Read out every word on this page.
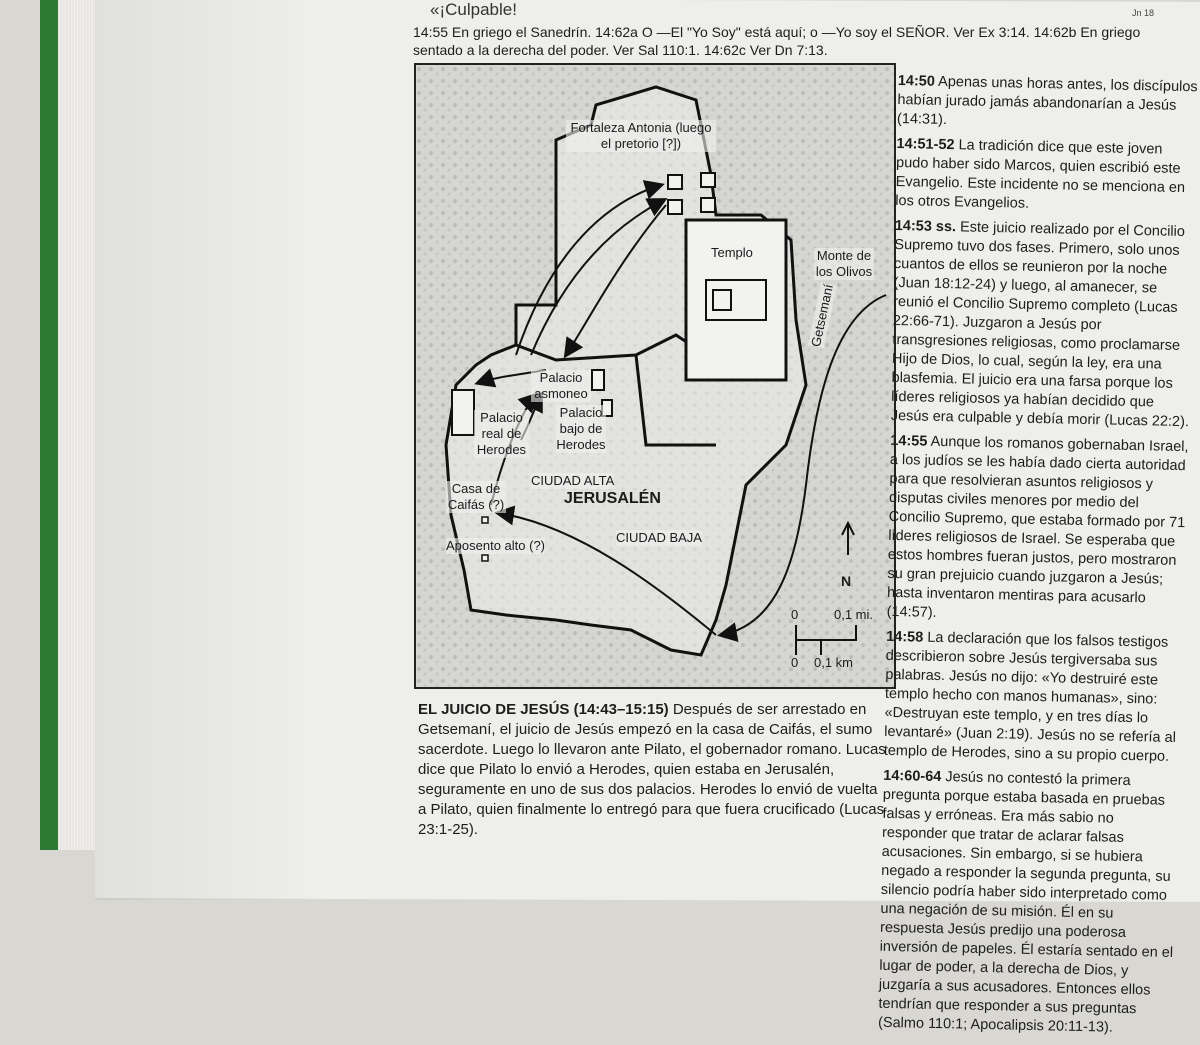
«¡Culpable!
14:55 En griego el Sanedrín. 14:62a O —El "Yo Soy" está aquí; o —Yo soy el SEÑOR. Ver Ex 3:14. 14:62b En griego
sentado a la derecha del poder. Ver Sal 110:1. 14:62c Ver Dn 7:13.
Jn 18
Fortaleza Antonia (luego el pretorio [?])
Templo	Monte de los Olivos
Getsemaní
Palacio asmoneo
Palacio bajo de Herodes
Palacio real de Herodes
CIUDAD ALTA
JERUSALÉN
CIUDAD BAJA
Casa de Caifás (?)
Aposento alto (?)
N
0	0,1 mi.
0 0,1 km
EL JUICIO DE JESÚS (14:43–15:15) Después de ser arrestado en Getsemaní, el juicio de Jesús empezó en la casa de Caifás, el sumo sacerdote. Luego lo llevaron ante Pilato, el gobernador romano. Lucas dice que Pilato lo envió a Herodes, quien estaba en Jerusalén, seguramente en uno de sus dos palacios. Herodes lo envió de vuelta a Pilato, quien finalmente lo entregó para que fuera crucificado (Lucas 23:1-25).
14:50 Apenas unas horas antes, los discípulos habían jurado jamás abandonarían a Jesús (14:31).
14:51-52 La tradición dice que este joven pudo haber sido Marcos, quien escribió este Evangelio. Este incidente no se menciona en los otros Evangelios.
14:53 ss. Este juicio realizado por el Concilio Supremo tuvo dos fases. Primero, solo unos cuantos de ellos se reunieron por la noche (Juan 18:12-24) y luego, al amanecer, se reunió el Concilio Supremo completo (Lucas 22:66-71). Juzgaron a Jesús por transgresiones religiosas, como proclamarse Hijo de Dios, lo cual, según la ley, era una blasfemia. El juicio era una farsa porque los líderes religiosos ya habían decidido que Jesús era culpable y debía morir (Lucas 22:2).
14:55 Aunque los romanos gobernaban Israel, a los judíos se les había dado cierta autoridad para que resolvieran asuntos religiosos y disputas civiles menores por medio del Concilio Supremo, que estaba formado por 71 líderes religiosos de Israel. Se esperaba que estos hombres fueran justos, pero mostraron su gran prejuicio cuando juzgaron a Jesús; hasta inventaron mentiras para acusarlo (14:57).
14:58 La declaración que los falsos testigos describieron sobre Jesús tergiversaba sus palabras. Jesús no dijo: «Yo destruiré este templo hecho con manos humanas», sino: «Destruyan este templo, y en tres días lo levantaré» (Juan 2:19). Jesús no se refería al templo de Herodes, sino a su propio cuerpo.
14:60-64 Jesús no contestó la primera pregunta porque estaba basada en pruebas falsas y erróneas. Era más sabio no responder que tratar de aclarar falsas acusaciones. Sin embargo, si se hubiera negado a responder la segunda pregunta, su silencio podría haber sido interpretado como una negación de su misión. Él en su respuesta Jesús predijo una poderosa inversión de papeles. Él estaría sentado en el lugar de poder, a la derecha de Dios, y juzgaría a sus acusadores. Entonces ellos tendrían que responder a sus preguntas (Salmo 110:1; Apocalipsis 20:11-13).
